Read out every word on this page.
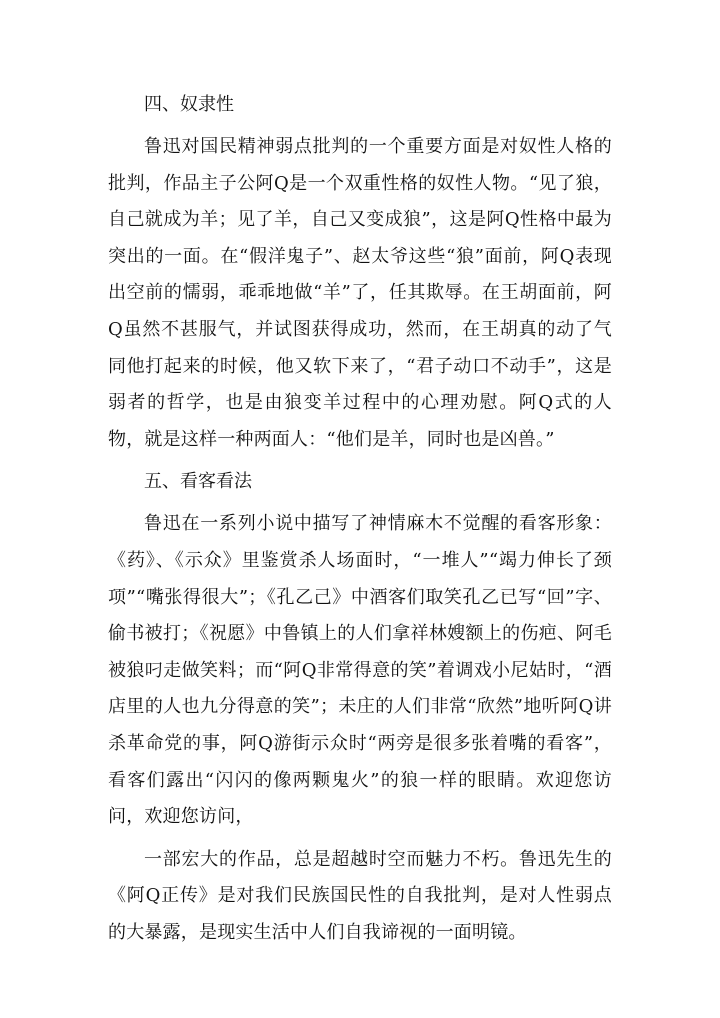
四、奴隶性

鲁迅对国民精神弱点批判的一个重要方面是对奴性人格的批判，作品主子公阿Q是一个双重性格的奴性人物。“见了狼，自己就成为羊；见了羊，自己又变成狼”，这是阿Q性格中最为突出的一面。在“假洋鬼子”、赵太爷这些“狼”面前，阿Q表现出空前的懦弱，乖乖地做“羊”了，任其欺辱。在王胡面前，阿Q虽然不甚服气，并试图获得成功，然而，在王胡真的动了气同他打起来的时候，他又软下来了，“君子动口不动手”，这是弱者的哲学，也是由狼变羊过程中的心理劝慰。阿Q式的人物，就是这样一种两面人：“他们是羊，同时也是凶兽。”

五、看客看法

鲁迅在一系列小说中描写了神情麻木不觉醒的看客形象：《药》、《示众》里鉴赏杀人场面时，“一堆人”“竭力伸长了颈项”“嘴张得很大”；《孔乙己》中酒客们取笑孔乙已写“回”字、偷书被打；《祝愿》中鲁镇上的人们拿祥林嫂额上的伤疤、阿毛被狼叼走做笑料；而“阿Q非常得意的笑”着调戏小尼姑时，“酒店里的人也九分得意的笑”；未庄的人们非常“欣然”地听阿Q讲杀革命党的事，阿Q游街示众时“两旁是很多张着嘴的看客”，看客们露出“闪闪的像两颗鬼火”的狼一样的眼睛。欢迎您访问，欢迎您访问，

一部宏大的作品，总是超越时空而魅力不朽。鲁迅先生的《阿Q正传》是对我们民族国民性的自我批判，是对人性弱点的大暴露，是现实生活中人们自我谛视的一面明镜。
